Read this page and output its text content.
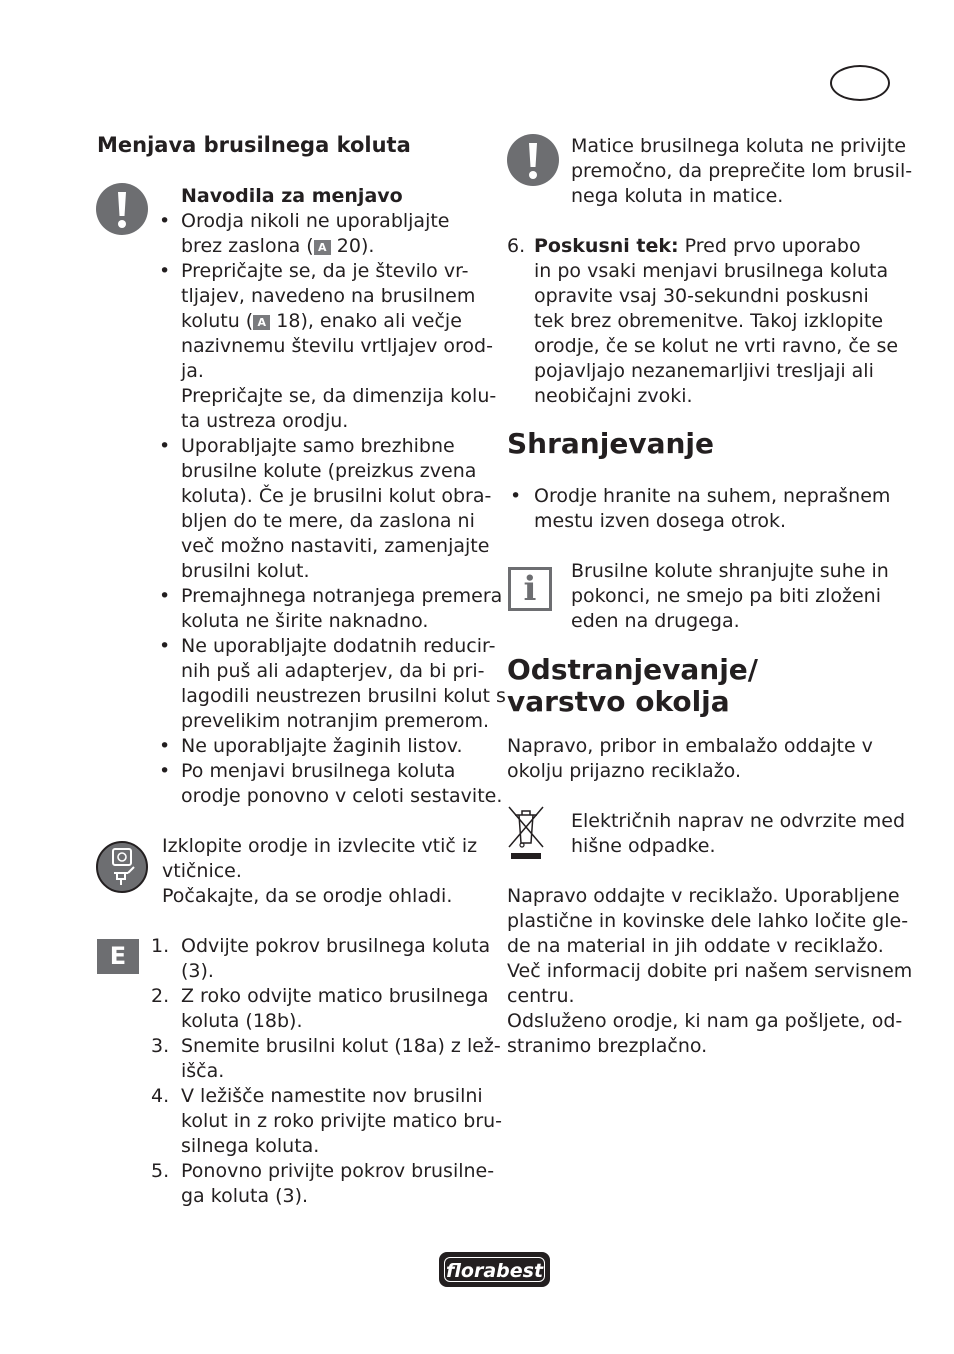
Menjava brusilnega koluta
Navodila za menjavo
• Orodja nikoli ne uporabljajte
brez zaslona ( A 20).
• Prepričajte se, da je število vr-
tljajev, navedeno na brusilnem
kolutu ( A 18), enako ali večje
nazivnemu številu vrtljajev orod-
ja.
Prepričajte se, da dimenzija kolu-
ta ustreza orodju.
• Uporabljajte samo brezhibne
brusilne kolute (preizkus zvena
koluta). Če je brusilni kolut obra-
bljen do te mere, da zaslona ni
več možno nastaviti, zamenjajte
brusilni kolut.
• Premajhnega notranjega premera
koluta ne širite naknadno.
• Ne uporabljajte dodatnih reducir-
nih puš ali adapterjev, da bi pri-
lagodili neustrezen brusilni kolut s
prevelikim notranjim premerom.
• Ne uporabljajte žaginih listov.
• Po menjavi brusilnega koluta
orodje ponovno v celoti sestavite.
Izklopite orodje in izvlecite vtič iz
vtičnice.
Počakajte, da se orodje ohladi.
E	1. Odvijte pokrov brusilnega koluta
(3).
2. Z roko odvijte matico brusilnega
koluta (18b).
3. Snemite brusilni kolut (18a) z lež-
išča.
4. V ležišče namestite nov brusilni
kolut in z roko privijte matico bru-
silnega koluta.
5. Ponovno privijte pokrov brusilne-
ga koluta (3).
Matice brusilnega koluta ne privijte
premočno, da preprečite lom brusil-
nega koluta in matice.
6. Poskusni tek: Pred prvo uporabo
in po vsaki menjavi brusilnega koluta
opravite vsaj 30-sekundni poskusni
tek brez obremenitve. Takoj izklopite
orodje, če se kolut ne vrti ravno, če se
pojavljajo nezanemarljivi tresljaji ali
neobičajni zvoki.
Shranjevanje
• Orodje hranite na suhem, neprašnem
mestu izven dosega otrok.
i	Brusilne kolute shranjujte suhe in
pokonci, ne smejo pa biti zloženi
eden na drugega.
Odstranjevanje/
varstvo okolja
Napravo, pribor in embalažo oddajte v
okolju prijazno reciklažo.
Električnih naprav ne odvrzite med
hišne odpadke.
Napravo oddajte v reciklažo. Uporabljene
plastične in kovinske dele lahko ločite gle-
de na material in jih oddate v reciklažo.
Več informacij dobite pri našem servisnem
centru.
Odsluženo orodje, ki nam ga pošljete, od-
stranimo brezplačno.
florabest
